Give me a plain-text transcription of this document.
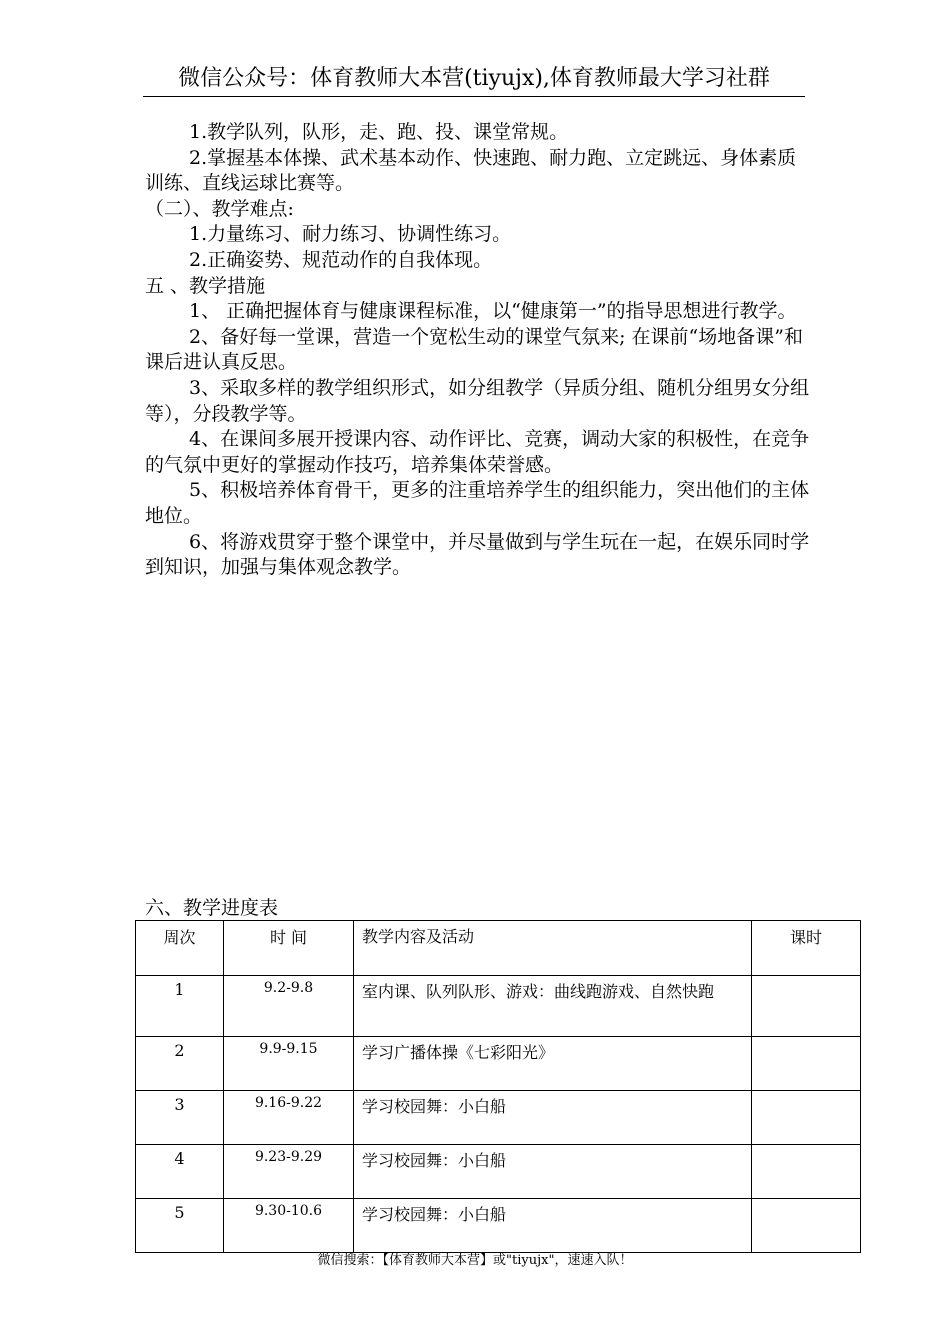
微信公众号：体育教师大本营(tiyujx),体育教师最大学习社群

1.教学队列，队形，走、跑、投、课堂常规。

2.掌握基本体操、武术基本动作、快速跑、耐力跑、立定跳远、身体素质训练、直线运球比赛等。

（二）、教学难点:

1.力量练习、耐力练习、协调性练习。

2.正确姿势、规范动作的自我体现。

五 、教学措施

1、 正确把握体育与健康课程标准，以“健康第一”的指导思想进行教学。

2、备好每一堂课，营造一个宽松生动的课堂气氛来; 在课前“场地备课”和课后进认真反思。

3、采取多样的教学组织形式，如分组教学（异质分组、随机分组男女分组等），分段教学等。

4、在课间多展开授课内容、动作评比、竞赛，调动大家的积极性，在竞争的气氛中更好的掌握动作技巧，培养集体荣誉感。

5、积极培养体育骨干，更多的注重培养学生的组织能力，突出他们的主体地位。

6、将游戏贯穿于整个课堂中，并尽量做到与学生玩在一起，在娱乐同时学到知识，加强与集体观念教学。

六、教学进度表
周次	时 间	教学内容及活动	课时
1	9.2-9.8	室内课、队列队形、游戏：曲线跑游戏、自然快跑	
2	9.9-9.15	学习广播体操《七彩阳光》	
3	9.16-9.22	学习校园舞：小白船	
4	9.23-9.29	学习校园舞：小白船	
5	9.30-10.6	学习校园舞：小白船	
微信搜索：【体育教师大本营】或"tiyujx"，速速入队！
